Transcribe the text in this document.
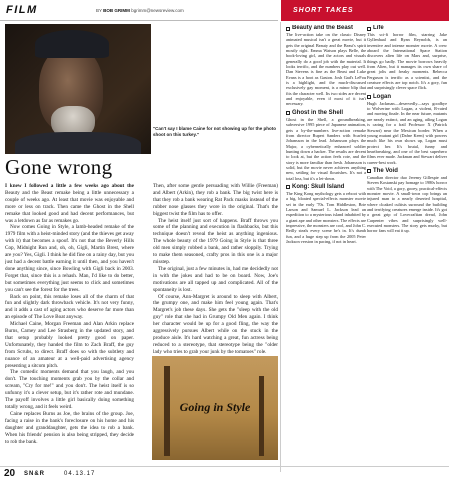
FILM	BY BOB GRIMM bgrimm@newsreview.com	SHORT TAKES
"Can't say I blame Caine for not showing up for the photo shoot on this turkey."
Gone wrong

I knew I followed a little a few weeks ago about the Beauty and the Beast remake being a little unnecessary a couple of weeks ago. At least that movie was enjoyable and more or less on track. Then came the Ghost in the Shell remake that looked good and had decent performances, but was a letdown as far as remakes go.

Now comes Going in Style, a lamb-headed remake of the 1979 film with a heist-minded story (and the thieves get away with it) that becomes a spoof. It's not that the Beverly Hills Cop, Midnight Run and, oh, oh, Gigli, Martin Brest, where are you? Yes, Gigli. I think he did fine on a rainy day, but you just had a decent battle earning it until then, and you haven't done anything since, since Bowling with Gigli back in 2003. Forget that, since this is a rehash. Man, I'd like to do better, but sometimes everything just seems to click and sometimes you can't see the forest for the trees.

Back on point, this remake loses all of the charm of that fun and slightly dark throwback vehicle. It's not very funny, and it adds a cast of aging actors who deserve far more than an episode of The Love Boat anyway.

Michael Caine, Morgan Freeman and Alan Arkin replace Burns, Carney and Lee Strasberg in the updated story, and that setup probably looked pretty good on paper. Unfortunately, they handed the film to Zach Braff, the guy from Scrubs, to direct. Braff does so with the subtlety and nuance of an amateur at a well-paid advertising agency presenting a sitcom pitch.

The comedic moments demand that you laugh, and you don't. The touching moments grab you by the collar and scream, "Cry for me!" and you don't. The heist itself is so unfunny it's a clever setup, but it's rather rote and mundane. The payoff involves a little girl basically doing something totally wrong, and it feels weird.

Caine replaces Burns as Joe, the brains of the group. Joe, facing a raise in the bank's foreclosure on his home and his daughter and granddaughter, gets the idea to rob a bank. When his friends' pension is also being stripped, they decide to rob the bank.

Then, after some gentle persuading with Willie (Freeman) and Albert (Arkin), they rob a bank. The big twist here is that they rob a bank wearing Rat Pack masks instead of the rubber nose glasses they wore in the original. That's the biggest twist the film has to offer.

The heist itself just sort of happens. Braff throws you some of the planning and execution in flashbacks, but this technique doesn't reveal the heist as anything ingenious. The whole beauty of the 1979 Going in Style is that three old men simply robbed a bank, and rather sloppily. Trying to make them seasoned, crafty pros in this one is a major misstep.

The original, just a few minutes in, had me decidedly not in with the jokes and had to be on board. Now, Joe's motivations are all tapped up and complicated. All of the spontaneity is lost.

Of course, Ann-Margret is around to sleep with Albert, the grumpy one, and make him feel young again. That's Margret's job these days. She gets the "sleep with the old guy" role that she had in Grumpy Old Men again. I think her character would be up for a good fling, the way the aggressively pursues Albert while on the stuck in the produce aisle. It's hard watching a great, fun actress being reduced to a stereotype, that stereotype being the "older lady who tries to grab your junk by the tomatoes" role.

Going in Style
Beauty and the Beast
The live-action take on the classic Disney animated musical isn't a great movie, but it gets the original Beauty and the Beast's spirit mostly right. Emma Watson plays Belle, the book-loving girl, and the actors and visuals generally do a good job with the material. It looks terrific, and the numbers play out well. Dan Stevens is fine as the Beast and Luke Evans is a hoot as Gaston. Josh Gad's LeFou is a highlight, and the much-discussed exclusively gay moment, is a minor blip that fits the character well. Its two sides are decent and enjoyable, even if most of it isn't necessary.
Ghost in the Shell
Ghost in the Shell, a groundbreaking, subversive 1995 piece of Japanese animation, gets a by-the-numbers live-action remake from director Rupert Sanders with Scarlett Johansson in the lead. Johansson plays the Major, a cybernetically enhanced soldier hunting down a hacker. The results are decent to look at, but the action feels rote, and the story is more familiar than fresh. Johansson is solid, but the movie never achieves anything new, settling for visual flourishes. It's not a total loss, but it's a let-down.
Kong: Skull Island
The King Kong mythology gets a reboot with a big, bloated special-effects monster movie set in the early '70s. Tom Hiddleston, Brie Larson and Samuel L. Jackson lead an expedition to a mysterious island inhabited by a giant ape and other monsters. The effects are impressive, the monsters are cool, and John C. Reilly steals every scene he's in. It's dumb fun, and a huge step up from the 2005 Peter Jackson version in pacing, if not in heart.
Life
This sci-fi horror film, starring Jake Gyllenhaal and Ryan Reynolds, is an inventive and intense monster movie. A crew aboard the International Space Station discovers alien life on Mars and, surprise, things go badly. The movie borrows heavily from Alien, but it manages its own share of great jolts and freaky moments. Rebecca Ferguson is terrific as a scientist, and the creature effects are top notch. It's a gory, fun and surprisingly clever space flick.
Logan
Hugh Jackman—deservedly—says goodbye to Wolverine with Logan, a violent, R-rated and moving finale. In the near future, mutants are nearly extinct, and an aging, ailing Logan is caring for a frail Professor X (Patrick Stewart) near the Mexican border. When a young mutant girl (Dafne Keen) with powers much like his own shows up, Logan must protect her. It's brutal, funny and heartbreaking, and one of the best superhero films ever made. Jackman and Stewart deliver career-best work.
The Void
Canadian director duo Jeremy Gillespie and Steven Kostanski pay homage to 1980s horror with The Void, a gory, gooey, practical-effects monster movie. A small-town cop brings an injured man to a nearly deserted hospital, where cloaked cultists surround the building and terrifying creatures emerge inside. It's got a great grip of Lovecraftian dread, John Carpenter vibes and surprisingly well-executed monsters. The story gets murky, but horror fans will eat it up.
20	SN&R	04.13.17
